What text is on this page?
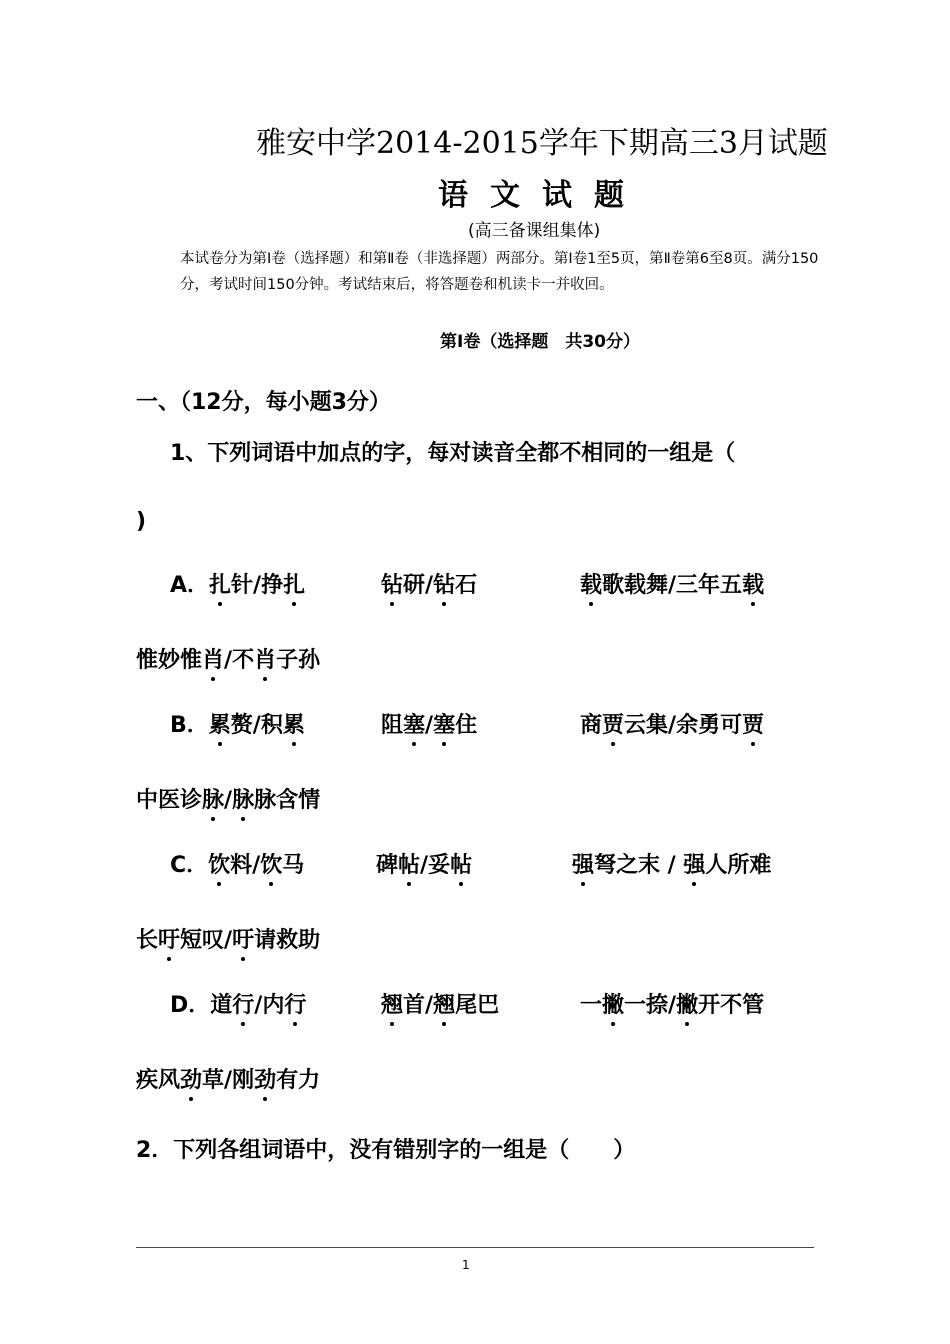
雅安中学2014-2015学年下期高三3月试题
语文试题
(高三备课组集体)
本试卷分为第Ⅰ卷（选择题）和第Ⅱ卷（非选择题）两部分。第Ⅰ卷1至5页，第Ⅱ卷第6至8页。满分150
分，考试时间150分钟。考试结束后，将答题卷和机读卡一并收回。
第Ⅰ卷（选择题　共30分）
一、（12分，每小题3分）
1、下列词语中加点的字，每对读音全都不相同的一组是（
)
A．扎针/挣扎	钻研/钻石	载歌载舞/三年五载
惟妙惟肖/不肖子孙
B．累赘/积累	阻塞/塞住	商贾云集/余勇可贾
中医诊脉/脉脉含情
C．饮料/饮马	碑帖/妥帖	强弩之末 / 强人所难
长吁短叹/吁请救助
D．道行/内行	翘首/翘尾巴	一撇一捺/撇开不管
疾风劲草/刚劲有力
2．下列各组词语中，没有错别字的一组是（　　）
1
